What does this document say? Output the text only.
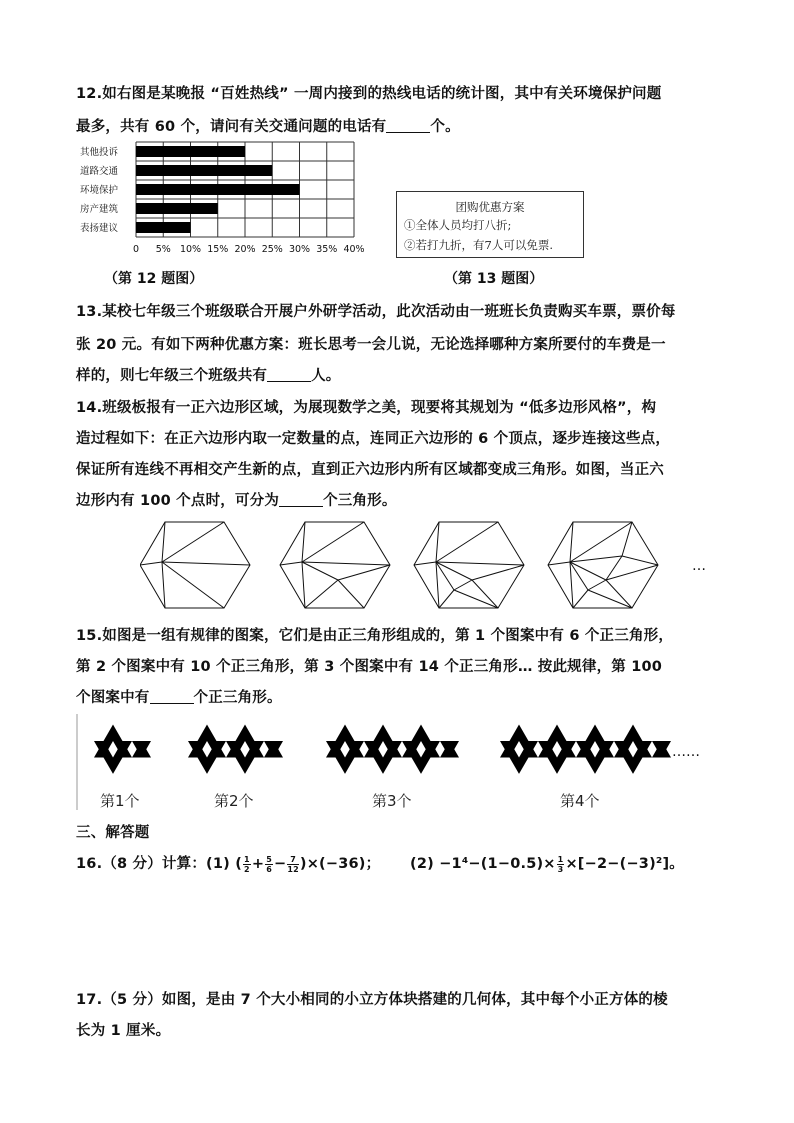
12.如右图是某晚报 “百姓热线” 一周内接到的热线电话的统计图，其中有关环境保护问题
最多，共有 60 个，请问有关交通问题的电话有	个。
其他投诉
道路交通
环境保护
房产建筑
表扬建议
0 5% 10% 15% 20% 25% 30% 35% 40%
（第 12 题图）
团购优惠方案
①全体人员均打八折;
②若打九折，有7人可以免票.
（第 13 题图）
13.某校七年级三个班级联合开展户外研学活动，此次活动由一班班长负责购买车票，票价每
张 20 元。有如下两种优惠方案：班长思考一会儿说，无论选择哪种方案所要付的车费是一
样的，则七年级三个班级共有	人。
14.班级板报有一正六边形区域，为展现数学之美，现要将其规划为 “低多边形风格”，构
造过程如下：在正六边形内取一定数量的点，连同正六边形的 6 个顶点，逐步连接这些点，
保证所有连线不再相交产生新的点，直到正六边形内所有区域都变成三角形。如图，当正六
边形内有 100 个点时，可分为	个三角形。
…
15.如图是一组有规律的图案，它们是由正三角形组成的，第 1 个图案中有 6 个正三角形，
第 2 个图案中有 10 个正三角形，第 3 个图案中有 14 个正三角形… 按此规律，第 100
个图案中有	个正三角形。
……
第1个	第2个	第3个	第4个
三、解答题
16.（8 分）计算：(1) ( $\frac{1}{2} + \frac{5}{6} - \frac{7}{12} )\times(-36)$； $(2) -1^4-(1-0.5)\times \frac{1}{3} \times[-2-(-3)^2]$。
17.（5 分）如图，是由 7 个大小相同的小立方体块搭建的几何体，其中每个小正方体的棱
长为 1 厘米。
